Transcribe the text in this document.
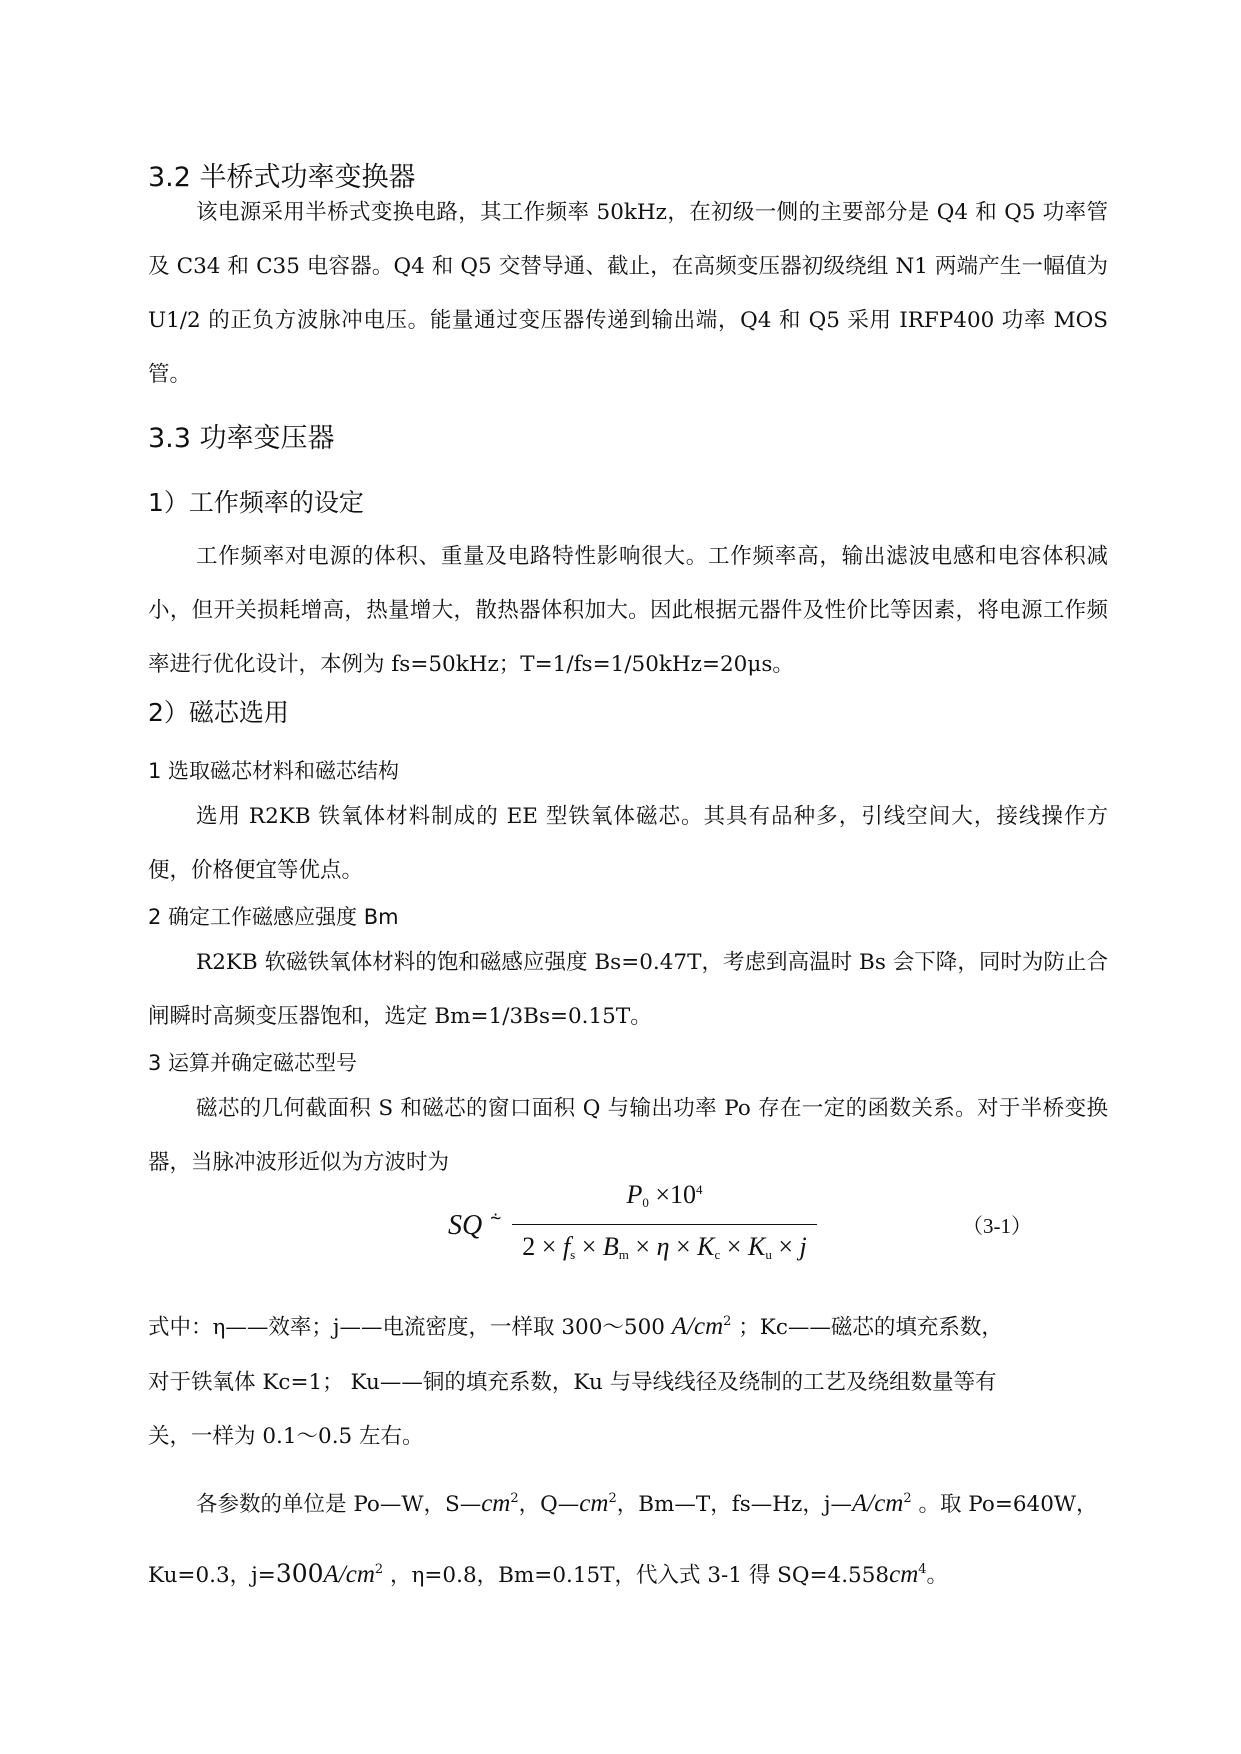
3.2 半桥式功率变换器
该电源采用半桥式变换电路，其工作频率 50kHz，在初级一侧的主要部分是 Q4 和 Q5 功率管及 C34 和 C35 电容器。Q4 和 Q5 交替导通、截止，在高频变压器初级绕组 N1 两端产生一幅值为 U1/2 的正负方波脉冲电压。能量通过变压器传递到输出端，Q4 和 Q5 采用 IRFP400 功率 MOS 管。
3.3 功率变压器
1）工作频率的设定
工作频率对电源的体积、重量及电路特性影响很大。工作频率高，输出滤波电感和电容体积减小，但开关损耗增高，热量增大，散热器体积加大。因此根据元器件及性价比等因素，将电源工作频率进行优化设计，本例为 fs=50kHz；T=1/fs=1/50kHz=20μs。
2）磁芯选用
1 选取磁芯材料和磁芯结构
选用 R2KB 铁氧体材料制成的 EE 型铁氧体磁芯。其具有品种多，引线空间大，接线操作方便，价格便宜等优点。
2 确定工作磁感应强度 Bm
R2KB 软磁铁氧体材料的饱和磁感应强度 Bs=0.47T，考虑到高温时 Bs 会下降，同时为防止合闸瞬时高频变压器饱和，选定 Bm=1/3Bs=0.15T。
3 运算并确定磁芯型号
磁芯的几何截面积 S 和磁芯的窗口面积 Q 与输出功率 Po 存在一定的函数关系。对于半桥变换器，当脉冲波形近似为方波时为
SQ ⸞
$P_0 \times 10^4$
$2 \times f_s \times B_m \times \eta \times K_c \times K_u \times j$
（3-1）
式中：η——效率；j——电流密度，一样取 300～500 $A/cm^2$ ；Kc——磁芯的填充系数，
对于铁氧体 Kc=1； Ku——铜的填充系数，Ku 与导线线径及绕制的工艺及绕组数量等有
关，一样为 0.1～0.5 左右。
各参数的单位是 Po—W，$S—cm^2$，$Q—cm^2$，Bm—T，fs—Hz，$j—A/cm^2$ 。取 Po=640W，
Ku=0.3，$j=300A/cm^2$ ，η=0.8，Bm=0.15T，代入式 3-1 得 $SQ=4.558cm^4$。
